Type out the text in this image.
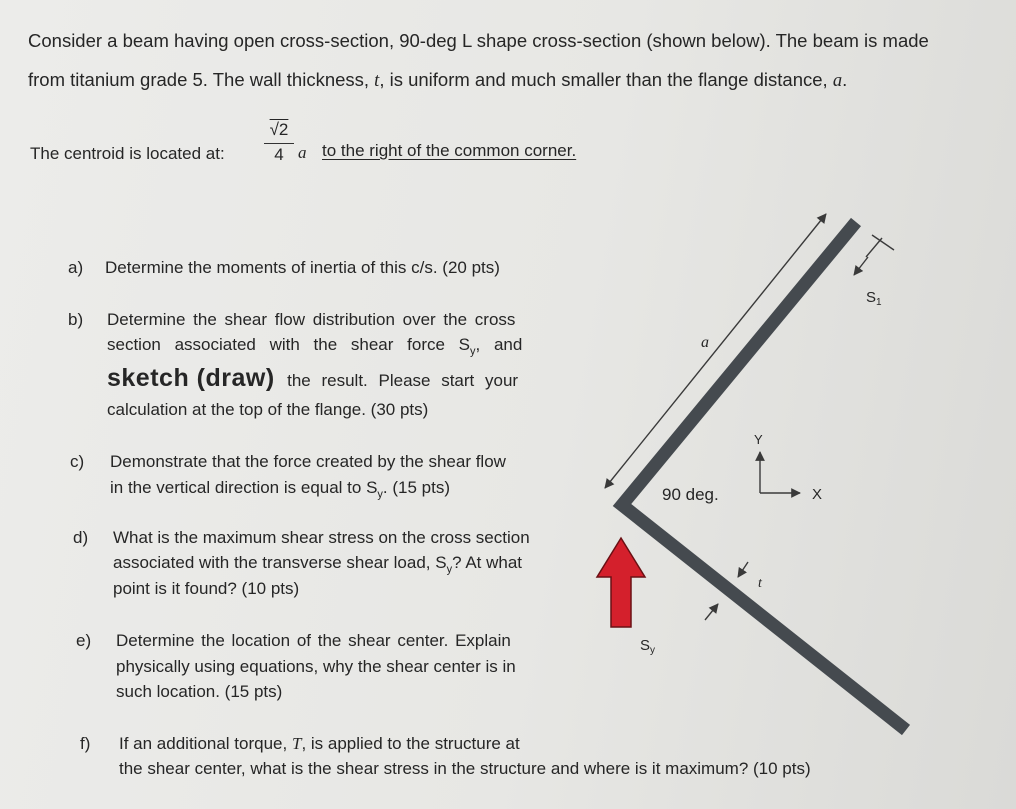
Consider a beam having open cross-section, 90-deg L shape cross-section (shown below). The beam is made
from titanium grade 5. The wall thickness, t, is uniform and much smaller than the flange distance, a.
The centroid is located at:
√2
4 a to the right of the common corner.
a) Determine the moments of inertia of this c/s. (20 pts)
b) Determine the shear flow distribution over the cross
section associated with the shear force $S_y$, and
sketch (draw) the result. Please start your
calculation at the top of the flange. (30 pts)
c) Demonstrate that the force created by the shear flow
in the vertical direction is equal to $S_y$. (15 pts)
d) What is the maximum shear stress on the cross section
associated with the transverse shear load, $S_y$? At what
point is it found? (10 pts)
e) Determine the location of the shear center. Explain
physically using equations, why the shear center is in
such location. (15 pts)
f) If an additional torque, T, is applied to the structure at
the shear center, what is the shear stress in the structure and where is it maximum? (10 pts)
a
90 deg.
Y
X
t
$S_1$
$S_y$
